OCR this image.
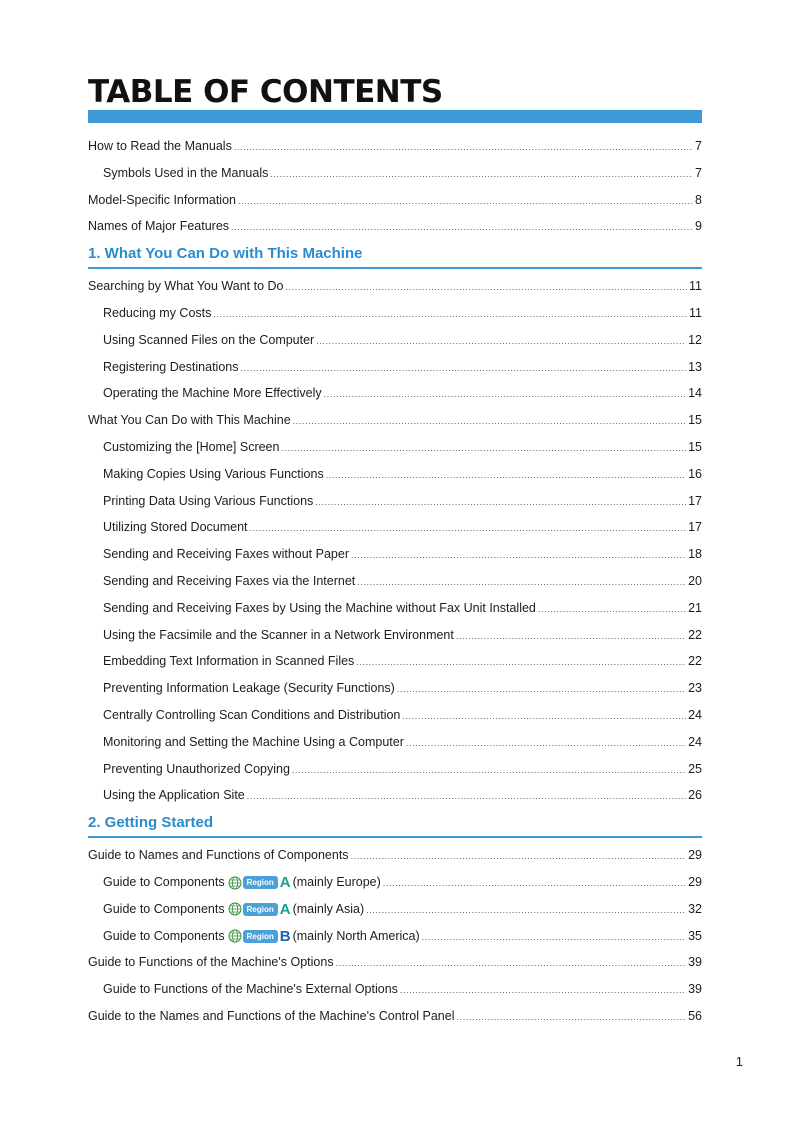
TABLE OF CONTENTS
How to Read the Manuals .....	7
Symbols Used in the Manuals .....	7
Model-Specific Information .....	8
Names of Major Features .....	9
1. What You Can Do with This Machine
Searching by What You Want to Do .....	11
Reducing my Costs .....	11
Using Scanned Files on the Computer .....	12
Registering Destinations .....	13
Operating the Machine More Effectively .....	14
What You Can Do with This Machine .....	15
Customizing the [Home] Screen .....	15
Making Copies Using Various Functions .....	16
Printing Data Using Various Functions .....	17
Utilizing Stored Document .....	17
Sending and Receiving Faxes without Paper .....	18
Sending and Receiving Faxes via the Internet .....	20
Sending and Receiving Faxes by Using the Machine without Fax Unit Installed .....	21
Using the Facsimile and the Scanner in a Network Environment .....	22
Embedding Text Information in Scanned Files .....	22
Preventing Information Leakage (Security Functions) .....	23
Centrally Controlling Scan Conditions and Distribution .....	24
Monitoring and Setting the Machine Using a Computer .....	24
Preventing Unauthorized Copying .....	25
Using the Application Site .....	26
2. Getting Started
Guide to Names and Functions of Components .....	29
Guide to Components	Region A (mainly Europe) .....	29
Guide to Components	Region A (mainly Asia) .....	32
Guide to Components	Region B (mainly North America) .....	35
Guide to Functions of the Machine's Options .....	39
Guide to Functions of the Machine's External Options .....	39
Guide to the Names and Functions of the Machine's Control Panel .....	56
1
